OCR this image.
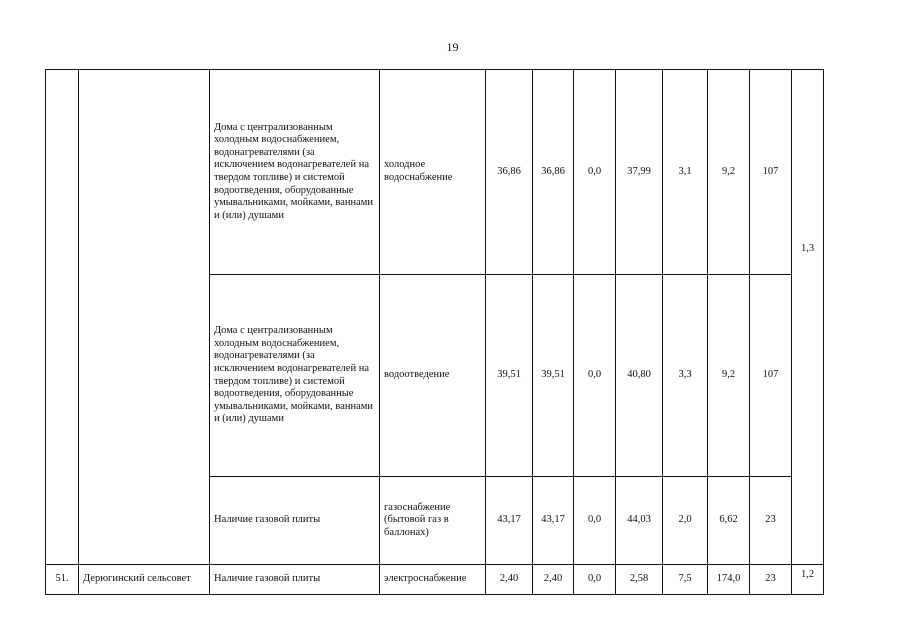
19
		Дома с централизованным холодным водоснабжением, водонагревателями (за исключением водонагревателей на твердом топливе) и системой водоотведения, оборудованные умывальниками, мойками, ваннами и (или) душами	холодное водоснабжение	36,86	36,86	0,0	37,99	3,1	9,2	107	1,3
		Дома с централизованным холодным водоснабжением, водонагревателями (за исключением водонагревателей на твердом топливе) и системой водоотведения, оборудованные умывальниками, мойками, ваннами и (или) душами	водоотведение	39,51	39,51	0,0	40,80	3,3	9,2	107	
		Наличие газовой плиты	газоснабжение (бытовой газ в баллонах)	43,17	43,17	0,0	44,03	2,0	6,62	23	
51.	Дерюгинский сельсовет	Наличие газовой плиты	электроснабжение	2,40	2,40	0,0	2,58	7,5	174,0	23	1,2
